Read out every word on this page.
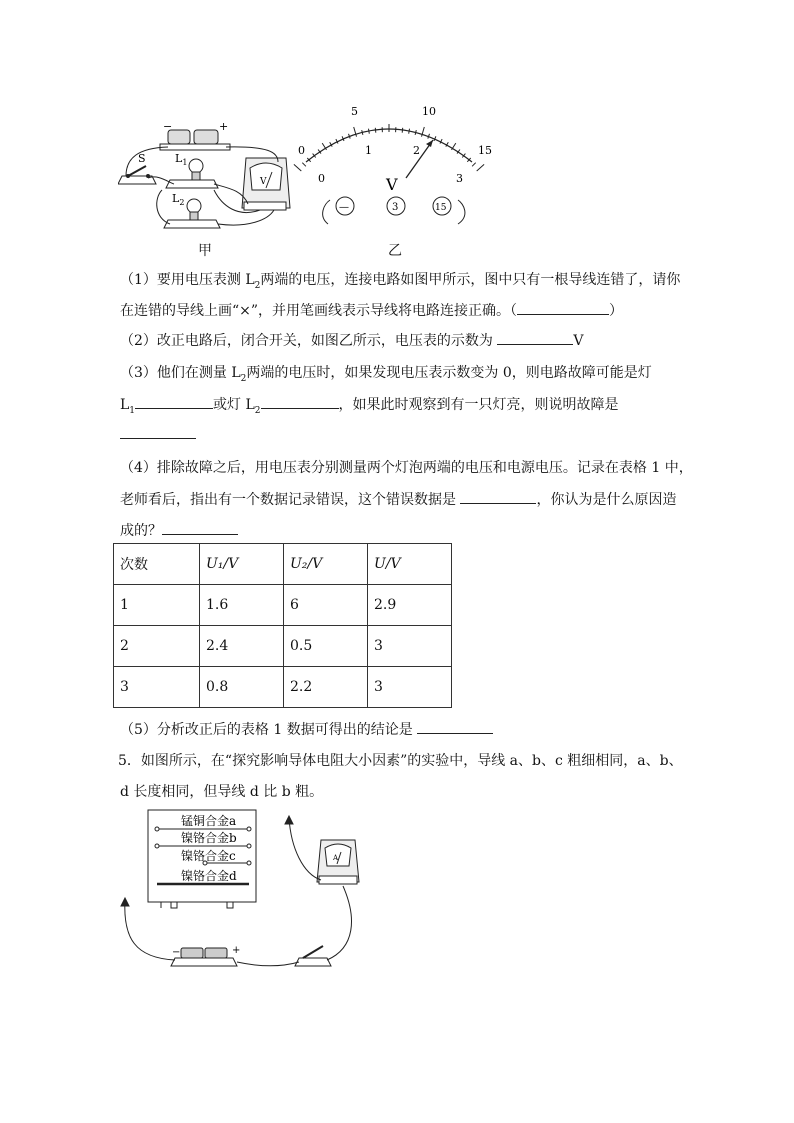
−	+
S	$L_1$
$L_2$
V
甲
0
5	10
15
0
1	2
3
V
—	3	15
乙
（1）要用电压表测 $L_2$两端的电压，连接电路如图甲所示，图中只有一根导线连错了，请你
在连错的导线上画“×”，并用笔画线表示导线将电路连接正确。（	）
（2）改正电路后，闭合开关，如图乙所示，电压表的示数为	V
（3）他们在测量 $L_2$两端的电压时，如果发现电压表示数变为 0，则电路故障可能是灯
$L_1$	或灯 $L_2$	，如果此时观察到有一只灯亮，则说明故障是
（4）排除故障之后，用电压表分别测量两个灯泡两端的电压和电源电压。记录在表格 1 中，
老师看后，指出有一个数据记录错误，这个错误数据是	，你认为是什么原因造
成的？
次数	U₁/V	U₂/V	U/V
1	1.6	6	2.9
2	2.4	0.5	3
3	0.8	2.2	3
（5）分析改正后的表格 1 数据可得出的结论是
5．如图所示，在“探究影响导体电阻大小因素”的实验中，导线 a、b、c 粗细相同，a、b、
d 长度相同，但导线 d 比 b 粗。
锰铜合金a
镍铬合金b
镍铬合金c
镍铬合金d
A
−	+
